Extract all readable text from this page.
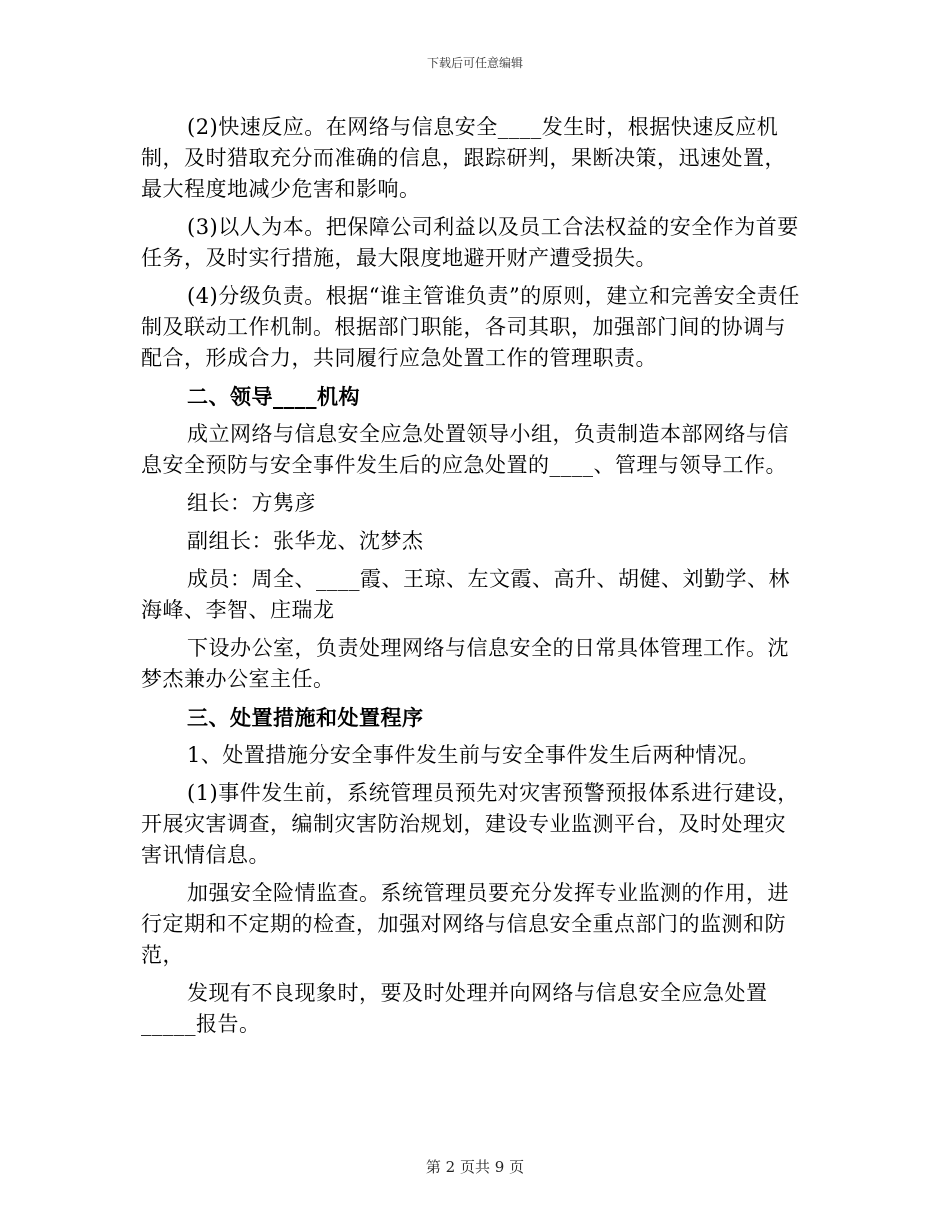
下载后可任意编辑

(2)快速反应。在网络与信息安全____发生时，根据快速反应机制，及时猎取充分而准确的信息，跟踪研判，果断决策，迅速处置，最大程度地减少危害和影响。

(3)以人为本。把保障公司利益以及员工合法权益的安全作为首要任务，及时实行措施，最大限度地避开财产遭受损失。

(4)分级负责。根据“谁主管谁负责”的原则，建立和完善安全责任制及联动工作机制。根据部门职能，各司其职，加强部门间的协调与配合，形成合力，共同履行应急处置工作的管理职责。

二、领导____机构

成立网络与信息安全应急处置领导小组，负责制造本部网络与信息安全预防与安全事件发生后的应急处置的____、管理与领导工作。

组长：方隽彦

副组长：张华龙、沈梦杰

成员：周全、____霞、王琼、左文霞、高升、胡健、刘勤学、林海峰、李智、庄瑞龙

下设办公室，负责处理网络与信息安全的日常具体管理工作。沈梦杰兼办公室主任。

三、处置措施和处置程序

1、处置措施分安全事件发生前与安全事件发生后两种情况。

(1)事件发生前，系统管理员预先对灾害预警预报体系进行建设，开展灾害调查，编制灾害防治规划，建设专业监测平台，及时处理灾害讯情信息。

加强安全险情监查。系统管理员要充分发挥专业监测的作用，进行定期和不定期的检查，加强对网络与信息安全重点部门的监测和防范，

发现有不良现象时，要及时处理并向网络与信息安全应急处置_____报告。

第 2 页共 9 页
